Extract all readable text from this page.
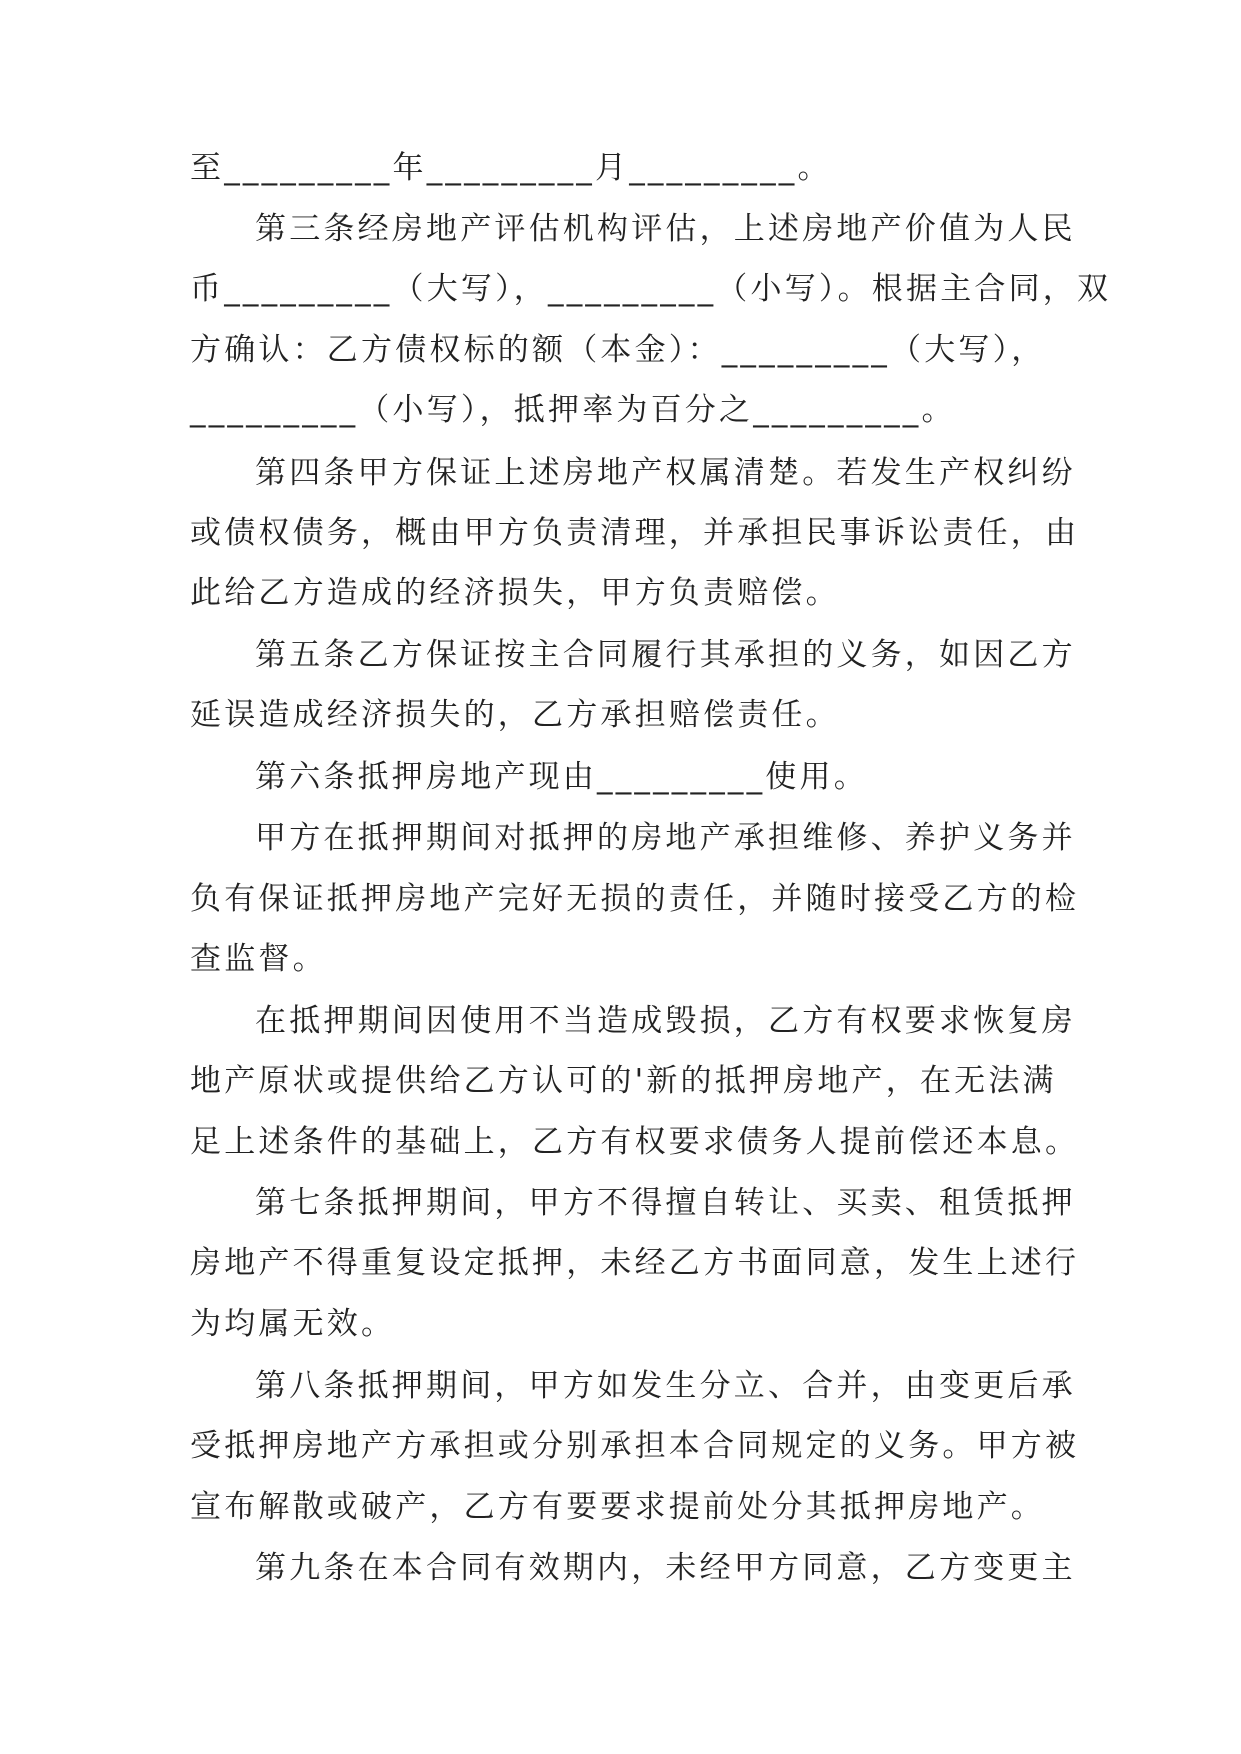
至_________年_________月_________。
第三条经房地产评估机构评估，上述房地产价值为人民
币_________（大写），_________（小写）。根据主合同，双
方确认：乙方债权标的额（本金）：_________（大写），
_________（小写），抵押率为百分之_________。
第四条甲方保证上述房地产权属清楚。若发生产权纠纷
或债权债务，概由甲方负责清理，并承担民事诉讼责任，由
此给乙方造成的经济损失，甲方负责赔偿。
第五条乙方保证按主合同履行其承担的义务，如因乙方
延误造成经济损失的，乙方承担赔偿责任。
第六条抵押房地产现由_________使用。
甲方在抵押期间对抵押的房地产承担维修、养护义务并
负有保证抵押房地产完好无损的责任，并随时接受乙方的检
查监督。
在抵押期间因使用不当造成毁损，乙方有权要求恢复房
地产原状或提供给乙方认可的'新的抵押房地产，在无法满
足上述条件的基础上，乙方有权要求债务人提前偿还本息。
第七条抵押期间，甲方不得擅自转让、买卖、租赁抵押
房地产不得重复设定抵押，未经乙方书面同意，发生上述行
为均属无效。
第八条抵押期间，甲方如发生分立、合并，由变更后承
受抵押房地产方承担或分别承担本合同规定的义务。甲方被
宣布解散或破产，乙方有要要求提前处分其抵押房地产。
第九条在本合同有效期内，未经甲方同意，乙方变更主
